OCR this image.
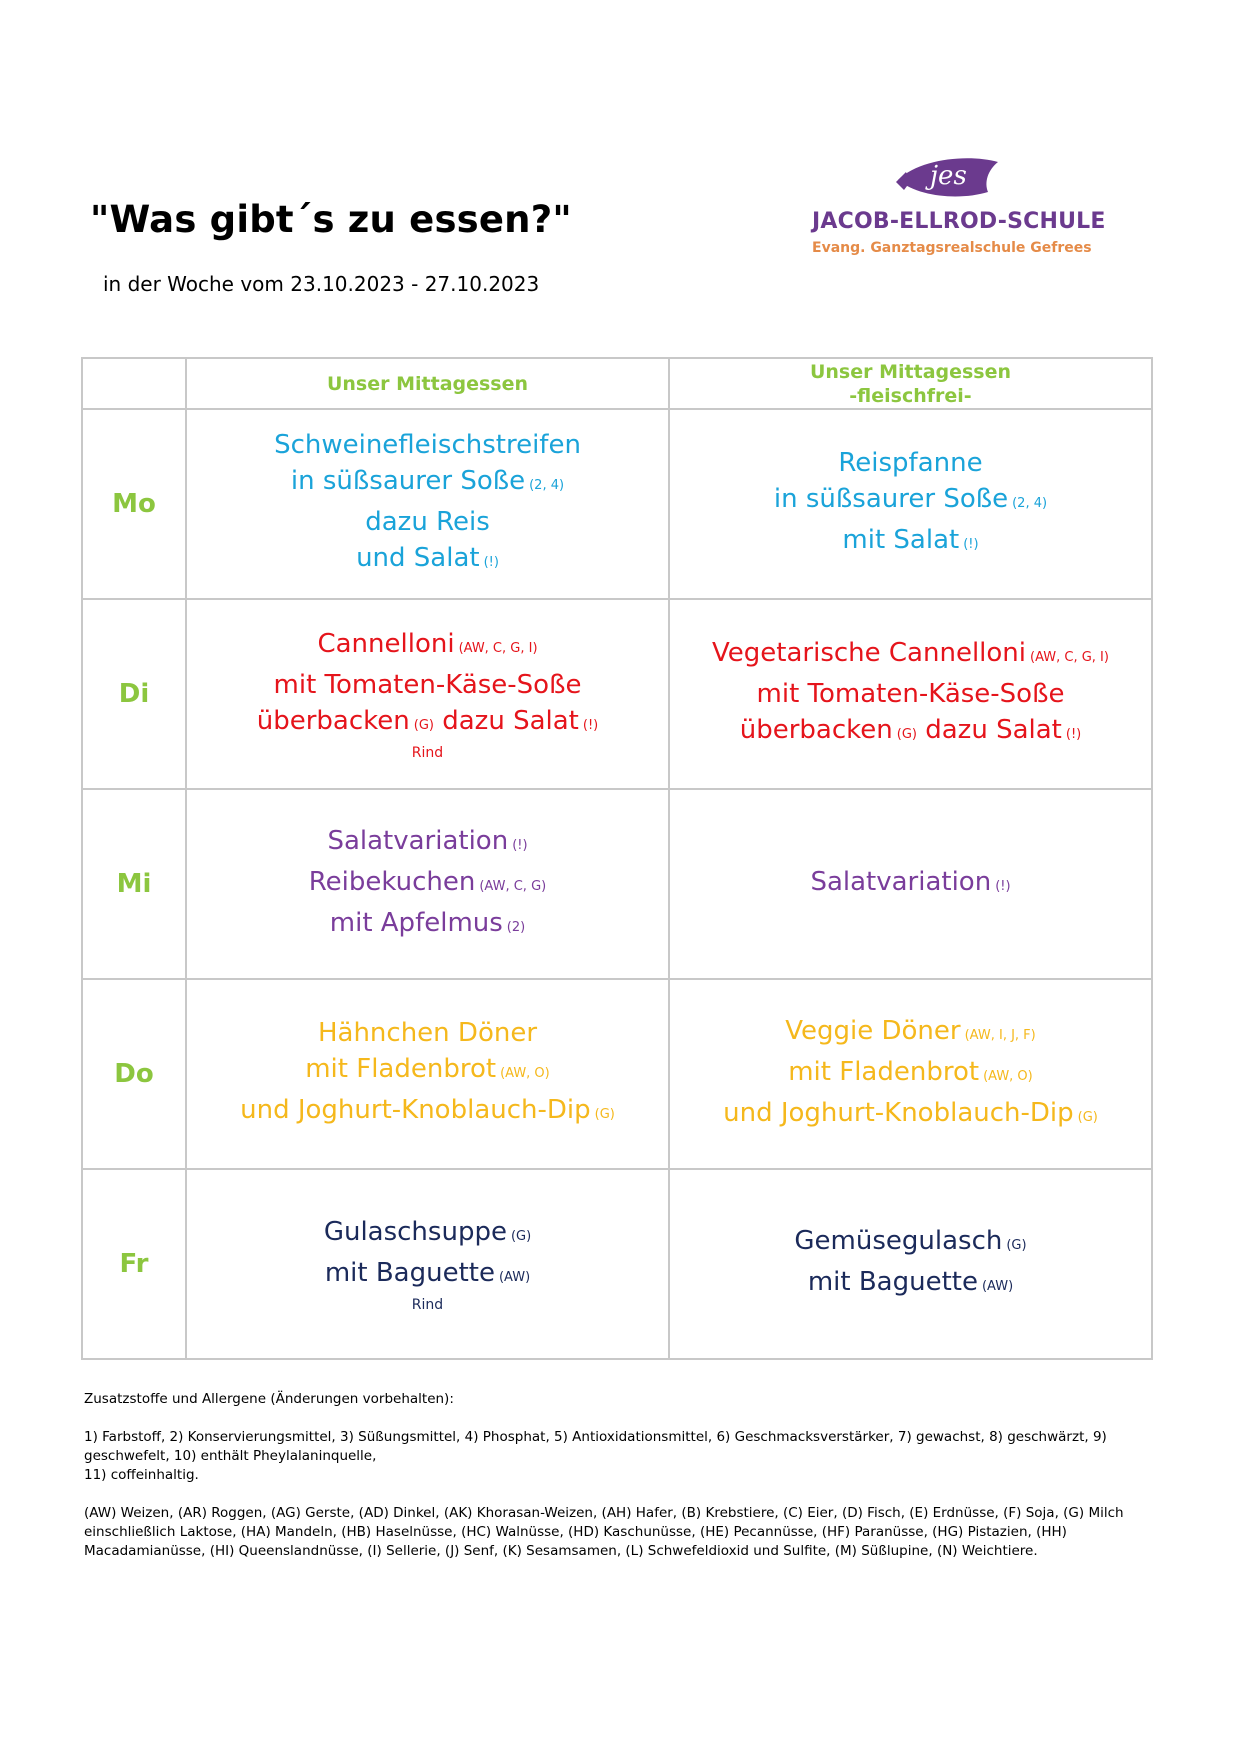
"Was gibt´s zu essen?"
in der Woche vom 23.10.2023 - 27.10.2023
jes
JACOB-ELLROD-SCHULE
Evang. Ganztagsrealschule Gefrees

	Unser Mittagessen	Unser Mittagessen
-fleischfrei-

Mo	Schweinefleischstreifen
in süßsaurer Soße (2, 4)
dazu Reis
und Salat (!)	Reispfanne
in süßsaurer Soße (2, 4)
mit Salat (!)

Di	Cannelloni (AW, C, G, I)
mit Tomaten-Käse-Soße
überbacken (G) dazu Salat (!)
Rind	Vegetarische Cannelloni (AW, C, G, I)
mit Tomaten-Käse-Soße
überbacken (G) dazu Salat (!)

Mi	Salatvariation (!)
Reibekuchen (AW, C, G)
mit Apfelmus (2)	Salatvariation (!)

Do	Hähnchen Döner
mit Fladenbrot (AW, O)
und Joghurt-Knoblauch-Dip (G)	Veggie Döner (AW, I, J, F)
mit Fladenbrot (AW, O)
und Joghurt-Knoblauch-Dip (G)

Fr	Gulaschsuppe (G)
mit Baguette (AW)
Rind	Gemüsegulasch (G)
mit Baguette (AW)

Zusatzstoffe und Allergene (Änderungen vorbehalten):

1) Farbstoff, 2) Konservierungsmittel, 3) Süßungsmittel, 4) Phosphat, 5) Antioxidationsmittel, 6) Geschmacksverstärker, 7) gewachst, 8) geschwärzt, 9) geschwefelt, 10) enthält Pheylalaninquelle,

11) coffeinhaltig.

(AW) Weizen, (AR) Roggen, (AG) Gerste, (AD) Dinkel, (AK) Khorasan-Weizen, (AH) Hafer, (B) Krebstiere, (C) Eier, (D) Fisch, (E) Erdnüsse, (F) Soja, (G) Milch einschließlich Laktose, (HA) Mandeln, (HB) Haselnüsse, (HC) Walnüsse, (HD) Kaschunüsse, (HE) Pecannüsse, (HF) Paranüsse, (HG) Pistazien, (HH) Macadamianüsse, (HI) Queenslandnüsse, (I) Sellerie, (J) Senf, (K) Sesamsamen, (L) Schwefeldioxid und Sulfite, (M) Süßlupine, (N) Weichtiere.
